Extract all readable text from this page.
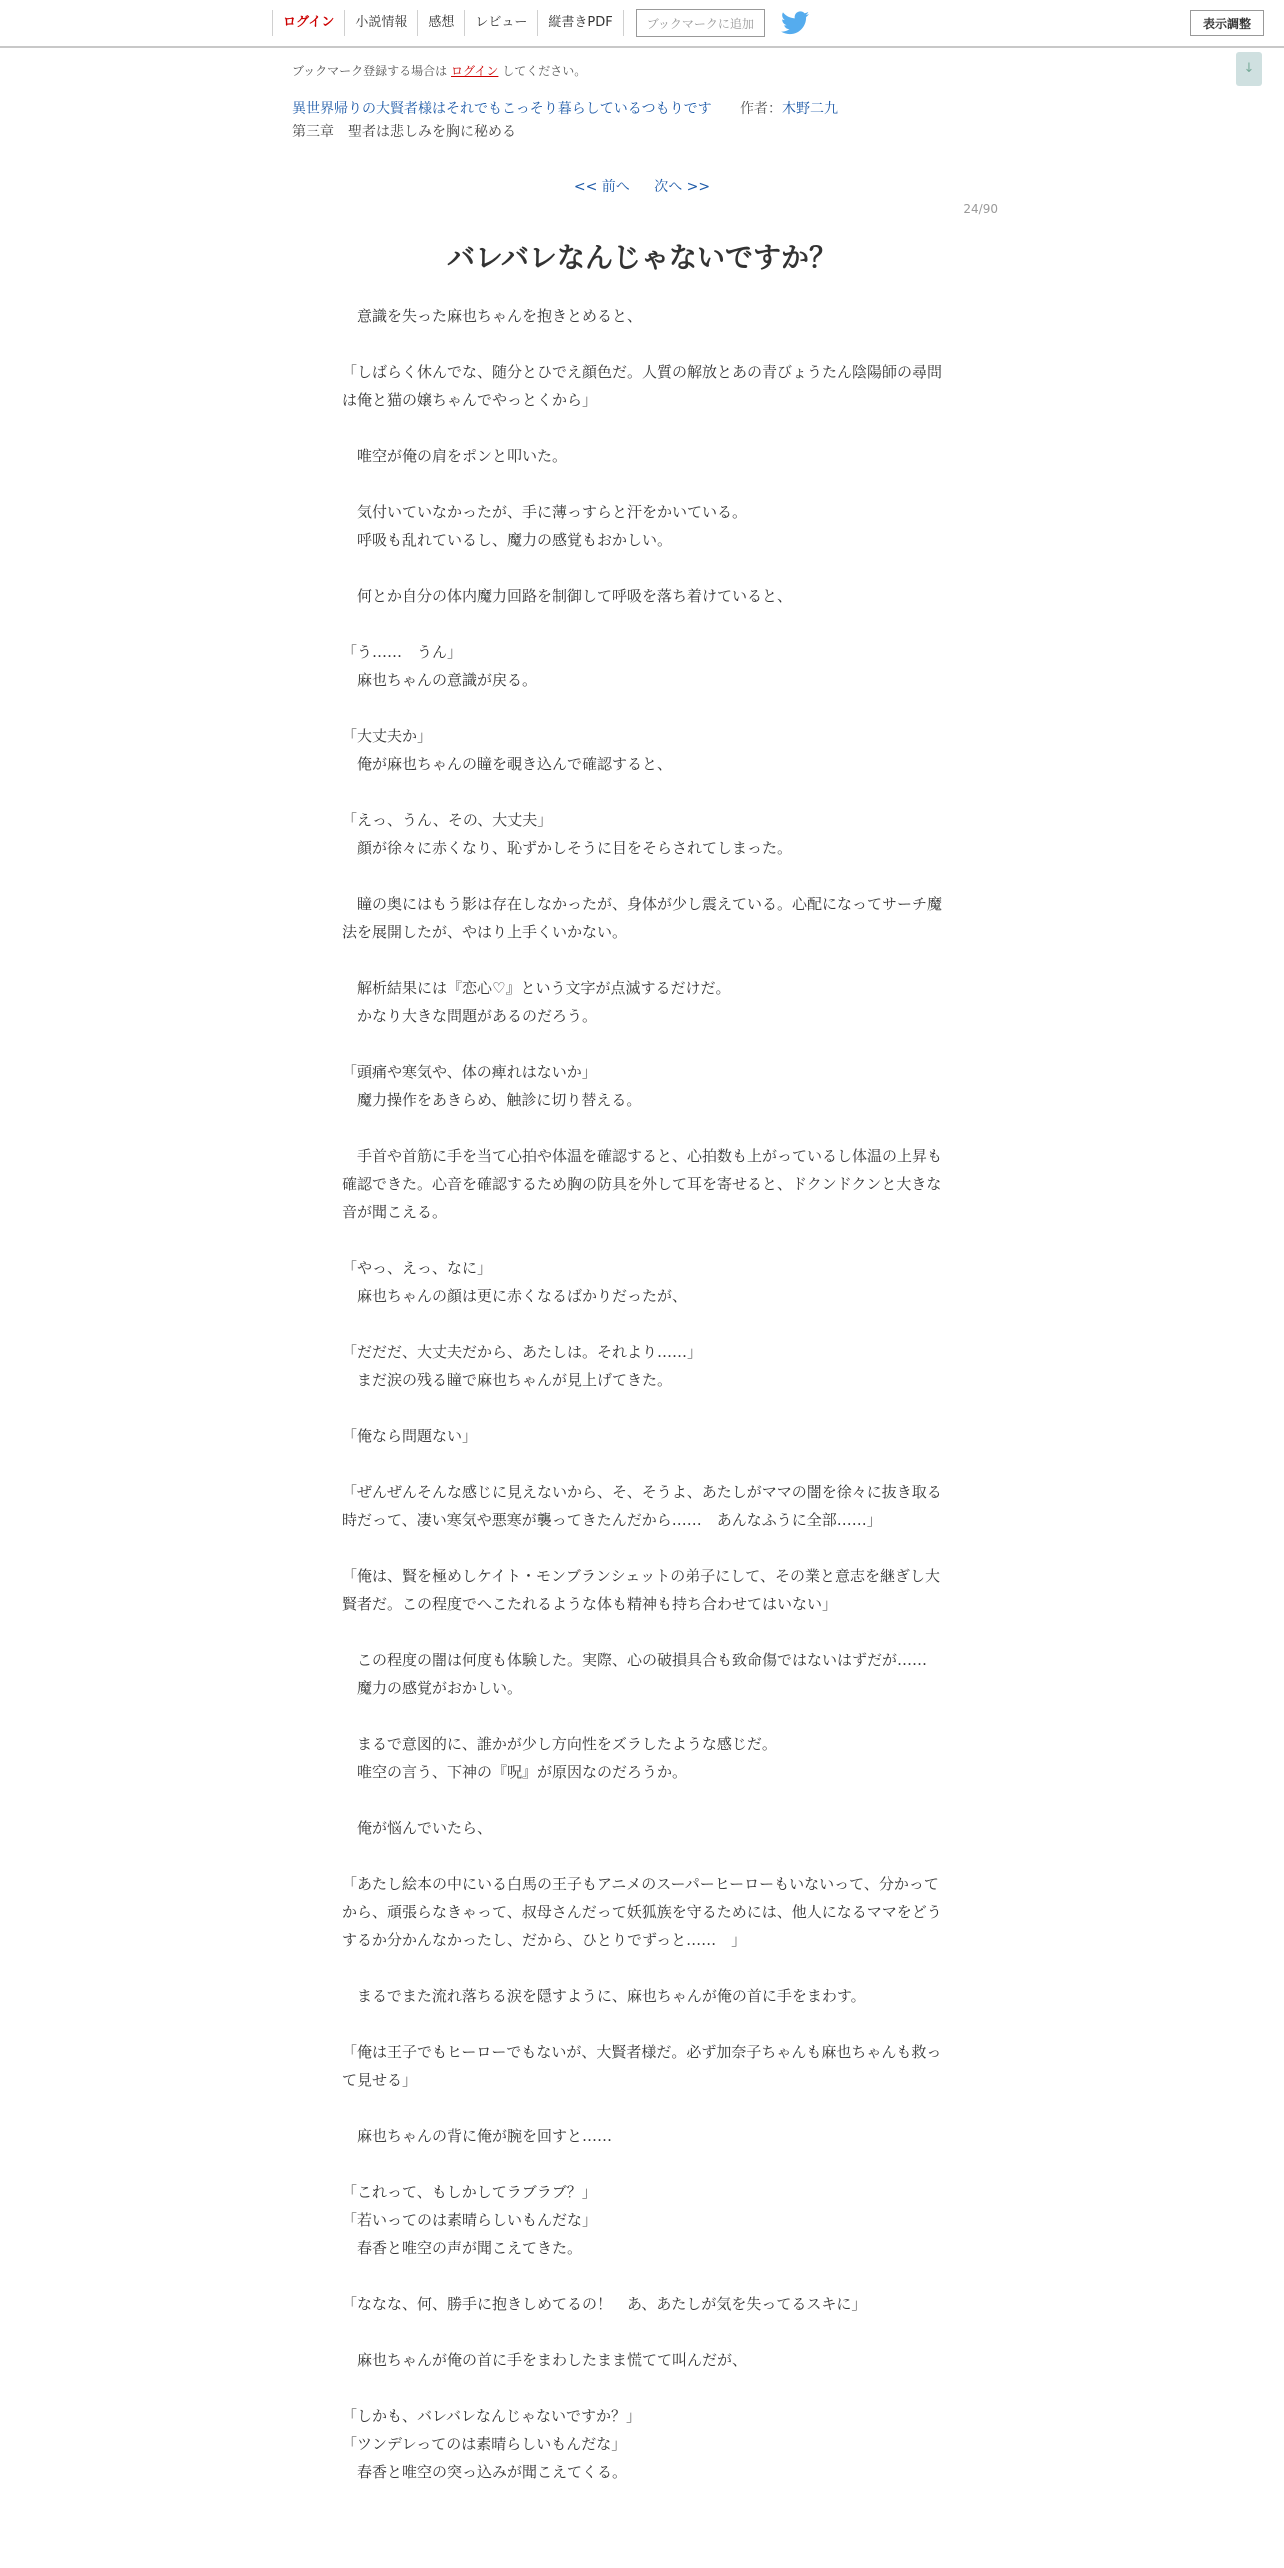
ログイン	小説情報	感想	レビュー	縦書きPDF	ブックマークに追加	表示調整
↓
ブックマーク登録する場合は ログイン してください。
異世界帰りの大賢者様はそれでもこっそり暮らしているつもりです 作者：木野二九
第三章　聖者は悲しみを胸に秘める
<< 前へ 次へ >>
24/90
バレバレなんじゃないですか？

　意識を失った麻也ちゃんを抱きとめると、

「しばらく休んでな、随分とひでえ顔色だ。人質の解放とあの青びょうたん陰陽師の尋問は俺と猫の嬢ちゃんでやっとくから」

　唯空が俺の肩をポンと叩いた。

　気付いていなかったが、手に薄っすらと汗をかいている。
　呼吸も乱れているし、魔力の感覚もおかしい。

　何とか自分の体内魔力回路を制御して呼吸を落ち着けていると、

「う……　うん」
　麻也ちゃんの意識が戻る。

「大丈夫か」
　俺が麻也ちゃんの瞳を覗き込んで確認すると、

「えっ、うん、その、大丈夫」
　顔が徐々に赤くなり、恥ずかしそうに目をそらされてしまった。

　瞳の奥にはもう影は存在しなかったが、身体が少し震えている。心配になってサーチ魔法を展開したが、やはり上手くいかない。

　解析結果には『恋心♡』という文字が点滅するだけだ。
　かなり大きな問題があるのだろう。

「頭痛や寒気や、体の痺れはないか」
　魔力操作をあきらめ、触診に切り替える。

　手首や首筋に手を当て心拍や体温を確認すると、心拍数も上がっているし体温の上昇も確認できた。心音を確認するため胸の防具を外して耳を寄せると、ドクンドクンと大きな音が聞こえる。

「やっ、えっ、なに」
　麻也ちゃんの顔は更に赤くなるばかりだったが、

「だだだ、大丈夫だから、あたしは。それより……」
　まだ涙の残る瞳で麻也ちゃんが見上げてきた。

「俺なら問題ない」

「ぜんぜんそんな感じに見えないから、そ、そうよ、あたしがママの闇を徐々に抜き取る時だって、凄い寒気や悪寒が襲ってきたんだから……　あんなふうに全部……」

「俺は、賢を極めしケイト・モンブランシェットの弟子にして、その業と意志を継ぎし大賢者だ。この程度でへこたれるような体も精神も持ち合わせてはいない」

　この程度の闇は何度も体験した。実際、心の破損具合も致命傷ではないはずだが……
　魔力の感覚がおかしい。

　まるで意図的に、誰かが少し方向性をズラしたような感じだ。
　唯空の言う、下神の『呪』が原因なのだろうか。

　俺が悩んでいたら、

「あたし絵本の中にいる白馬の王子もアニメのスーパーヒーローもいないって、分かってから、頑張らなきゃって、叔母さんだって妖狐族を守るためには、他人になるママをどうするか分かんなかったし、だから、ひとりでずっと……　」

　まるでまた流れ落ちる涙を隠すように、麻也ちゃんが俺の首に手をまわす。

「俺は王子でもヒーローでもないが、大賢者様だ。必ず加奈子ちゃんも麻也ちゃんも救って見せる」

　麻也ちゃんの背に俺が腕を回すと……

「これって、もしかしてラブラブ？」
「若いってのは素晴らしいもんだな」
　春香と唯空の声が聞こえてきた。

「ななな、何、勝手に抱きしめてるの！　あ、あたしが気を失ってるスキに」

　麻也ちゃんが俺の首に手をまわしたまま慌てて叫んだが、

「しかも、バレバレなんじゃないですか？」
「ツンデレってのは素晴らしいもんだな」
　春香と唯空の突っ込みが聞こえてくる。
